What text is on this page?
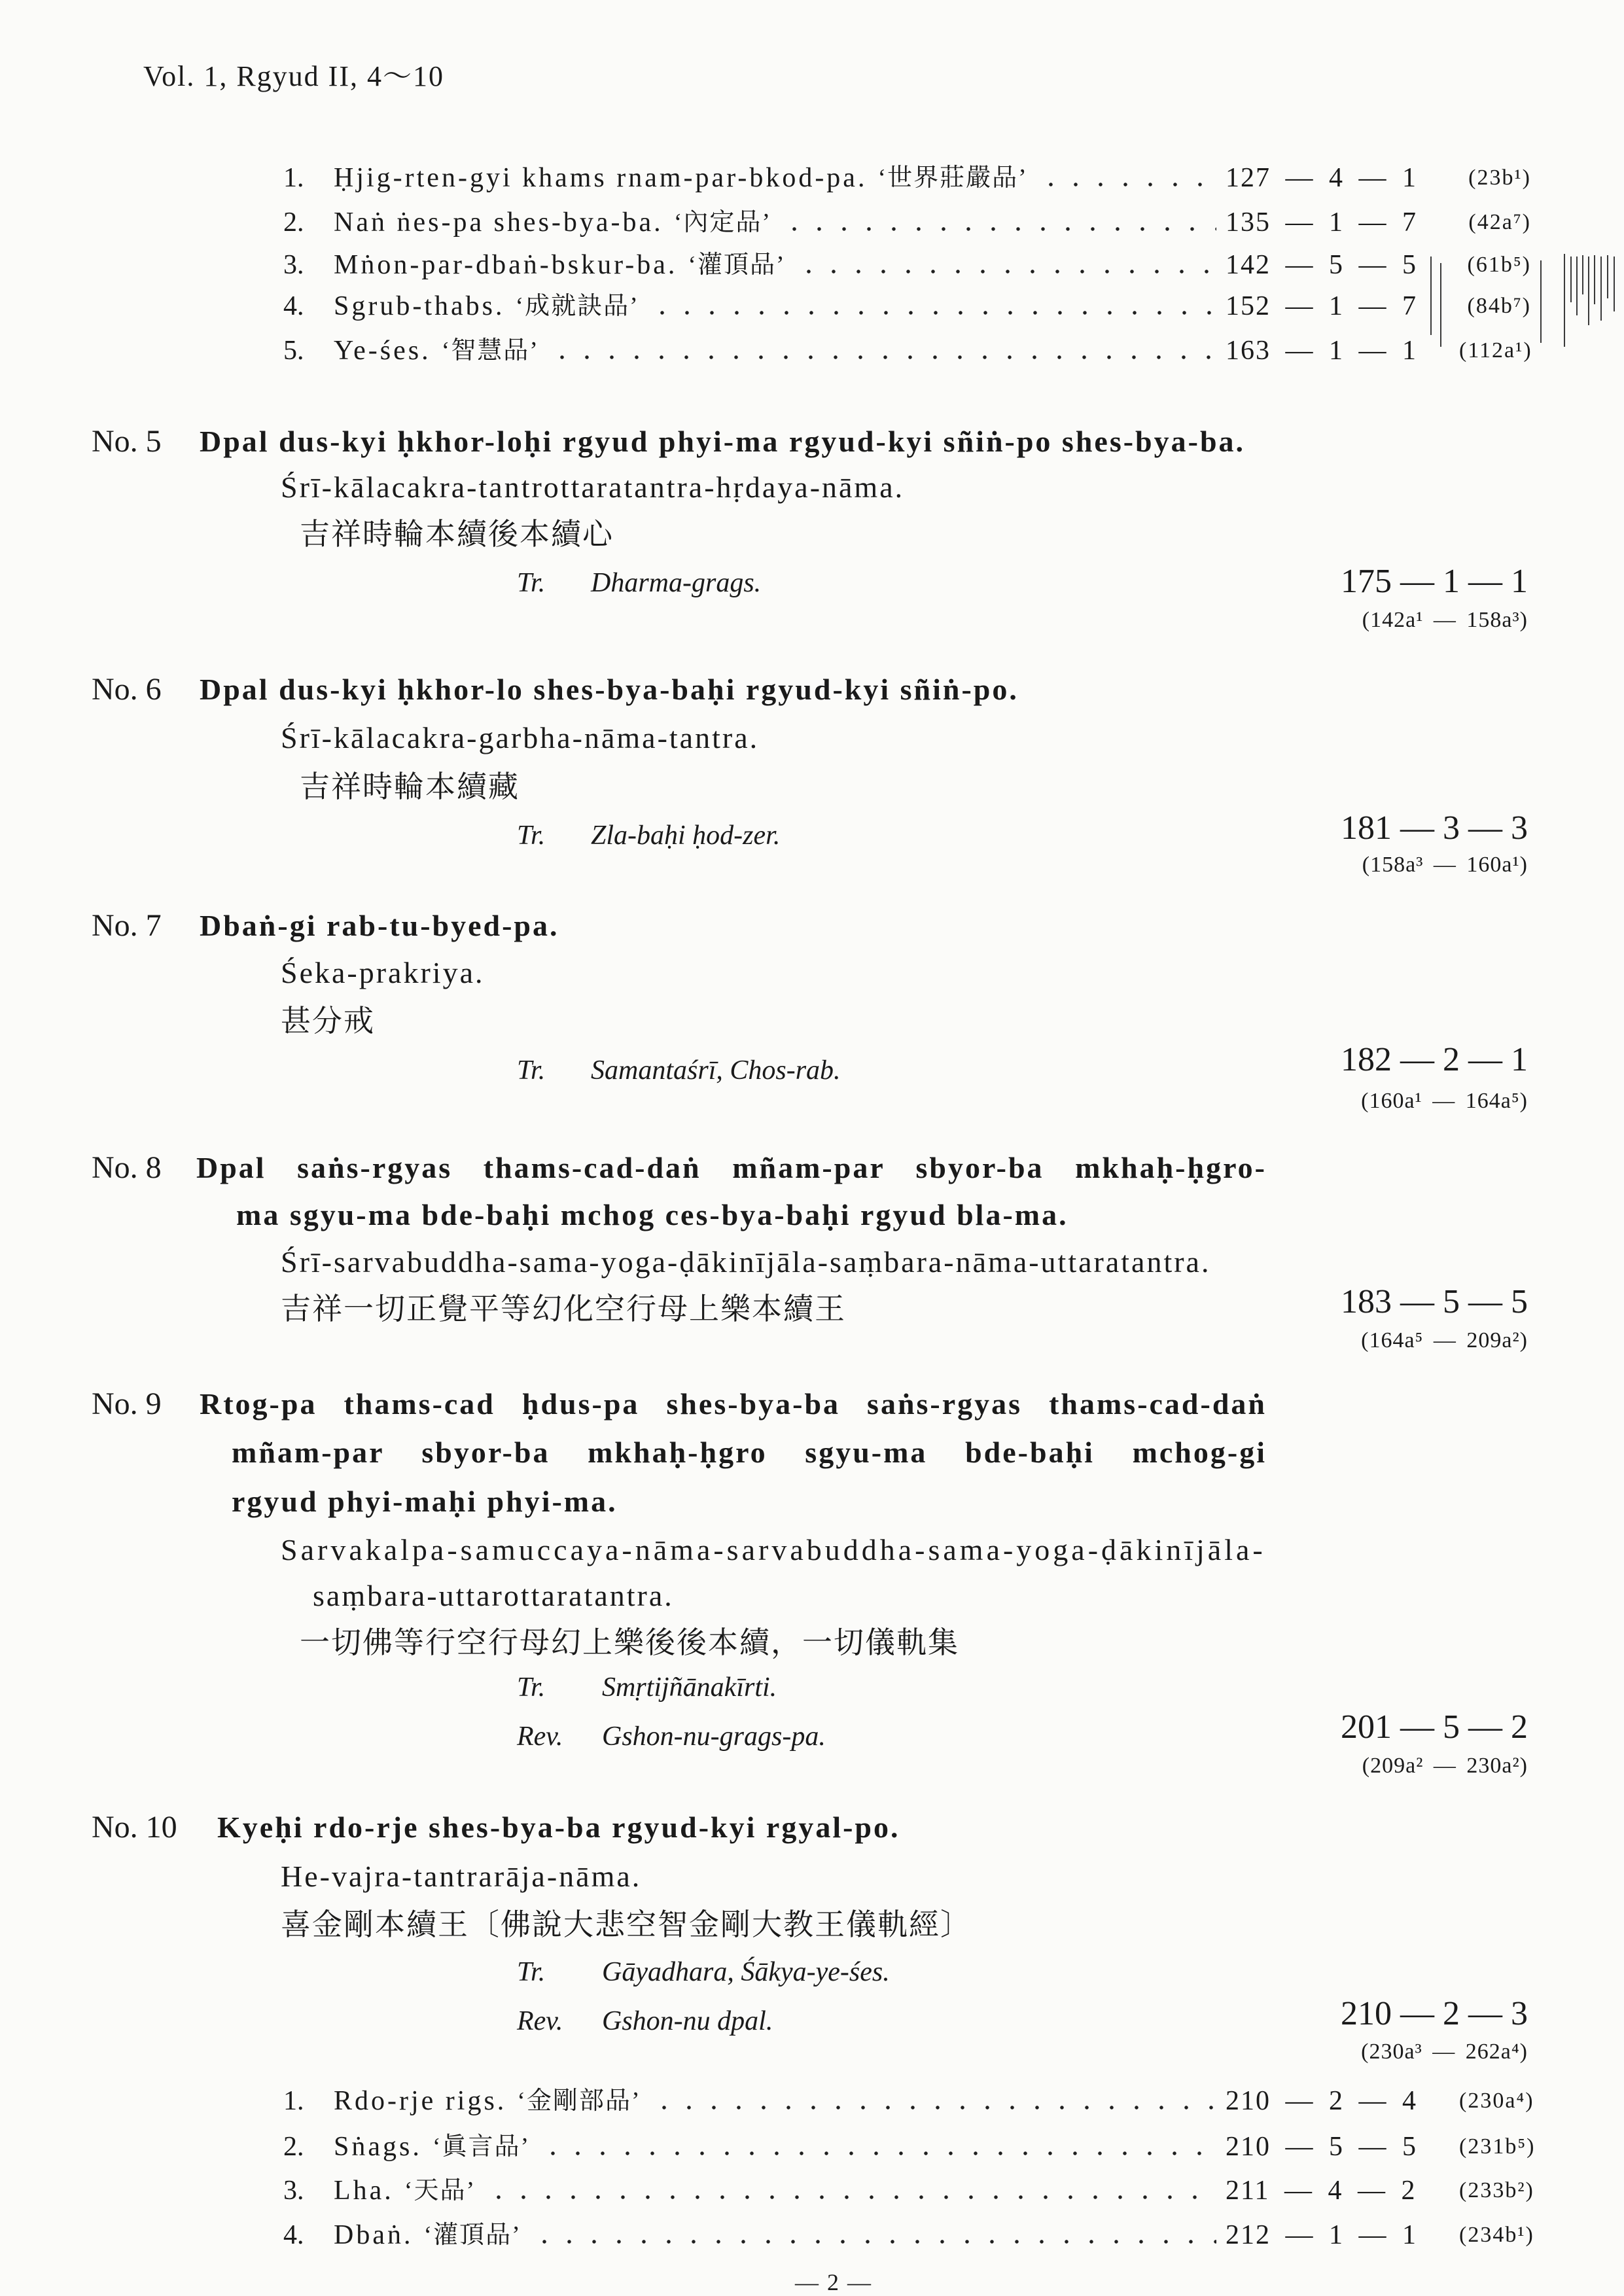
Vol. 1, Rgyud II, 4～10
1.	Ḥjig-rten-gyi khams rnam-par-bkod-pa. ‘世界莊嚴品’	127 — 4 — 1	(23b¹)
2.	Naṅ ṅes-pa shes-bya-ba. ‘內定品’	135 — 1 — 7	(42a⁷)
3.	Mṅon-par-dbaṅ-bskur-ba. ‘灌頂品’	142 — 5 — 5	(61b⁵)
4.	Sgrub-thabs. ‘成就訣品’	152 — 1 — 7	(84b⁷)
5.	Ye-śes. ‘智慧品’	163 — 1 — 1	(112a¹)
No. 5 Dpal dus-kyi ḥkhor-loḥi rgyud phyi-ma rgyud-kyi sñiṅ-po shes-bya-ba.
Śrī-kālacakra-tantrottaratantra-hṛdaya-nāma.
吉祥時輪本續後本續心
Tr.	Dharma-grags.	175 — 1 — 1
(142a¹ — 158a³)
No. 6 Dpal dus-kyi ḥkhor-lo shes-bya-baḥi rgyud-kyi sñiṅ-po.
Śrī-kālacakra-garbha-nāma-tantra.
吉祥時輪本續藏
Tr.	Zla-baḥi ḥod-zer.	181 — 3 — 3
(158a³ — 160a¹)
No. 7 Dbaṅ-gi rab-tu-byed-pa.
Śeka-prakriya.
甚分戒
Tr.	Samantaśrī, Chos-rab.	182 — 2 — 1
(160a¹ — 164a⁵)
No. 8 Dpal saṅs-rgyas thams-cad-daṅ mñam-par sbyor-ba mkhaḥ-ḥgro-
ma sgyu-ma bde-baḥi mchog ces-bya-baḥi rgyud bla-ma.
Śrī-sarvabuddha-sama-yoga-ḍākinījāla-saṃbara-nāma-uttaratantra.
吉祥一切正覺平等幻化空行母上樂本續王	183 — 5 — 5
(164a⁵ — 209a²)
No. 9 Rtog-pa thams-cad ḥdus-pa shes-bya-ba saṅs-rgyas thams-cad-daṅ
mñam-par sbyor-ba mkhaḥ-ḥgro sgyu-ma bde-baḥi mchog-gi
rgyud phyi-maḥi phyi-ma.
Sarvakalpa-samuccaya-nāma-sarvabuddha-sama-yoga-ḍākinījāla-
saṃbara-uttarottaratantra.
一切佛等行空行母幻上樂後後本續，一切儀軌集
Tr.	Smṛtijñānakīrti.
Rev.	Gshon-nu-grags-pa.	201 — 5 — 2
(209a² — 230a²)
No. 10 Kyeḥi rdo-rje shes-bya-ba rgyud-kyi rgyal-po.
He-vajra-tantrarāja-nāma.
喜金剛本續王〔佛說大悲空智金剛大教王儀軌經〕
Tr.	Gāyadhara, Śākya-ye-śes.
Rev.	Gshon-nu dpal.	210 — 2 — 3
(230a³ — 262a⁴)
1.	Rdo-rje rigs. ‘金剛部品’	210 — 2 — 4	(230a⁴)
2.	Sṅags. ‘眞言品’	210 — 5 — 5	(231b⁵)
3.	Lha. ‘天品’	211 — 4 — 2	(233b²)
4.	Dbaṅ. ‘灌頂品’	212 — 1 — 1	(234b¹)
— 2 —
